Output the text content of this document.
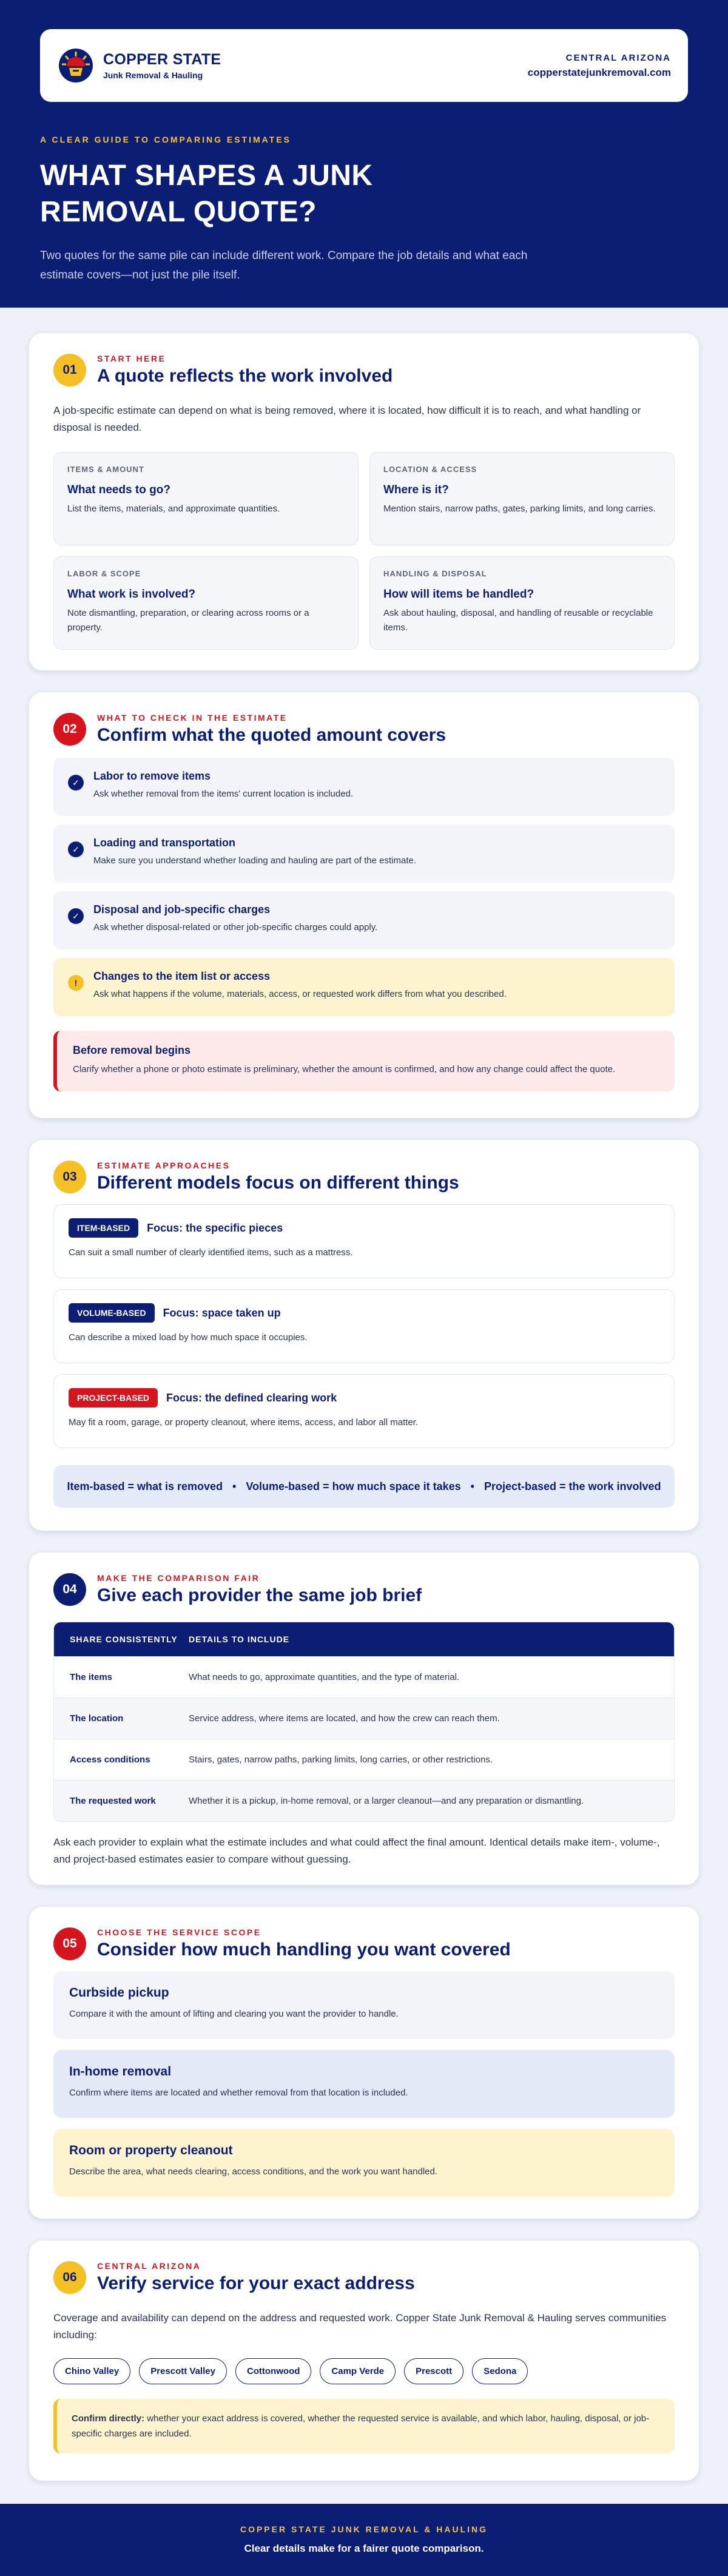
COPPER STATE
Junk Removal & Hauling
CENTRAL ARIZONA
copperstatejunkremoval.com
A CLEAR GUIDE TO COMPARING ESTIMATES
WHAT SHAPES A JUNK REMOVAL QUOTE?

Two quotes for the same pile can include different work. Compare the job details and what each estimate covers—not just the pile itself.

01
START HERE
A quote reflects the work involved
A job-specific estimate can depend on what is being removed, where it is located, how difficult it is to reach, and what handling or disposal is needed.
ITEMS & AMOUNT
What needs to go?
List the items, materials, and approximate quantities.
LOCATION & ACCESS
Where is it?
Mention stairs, narrow paths, gates, parking limits, and long carries.
LABOR & SCOPE
What work is involved?
Note dismantling, preparation, or clearing across rooms or a property.
HANDLING & DISPOSAL
How will items be handled?
Ask about hauling, disposal, and handling of reusable or recyclable items.
02
WHAT TO CHECK IN THE ESTIMATE
Confirm what the quoted amount covers
✓
Labor to remove items
Ask whether removal from the items' current location is included.
✓
Loading and transportation
Make sure you understand whether loading and hauling are part of the estimate.
✓
Disposal and job-specific charges
Ask whether disposal-related or other job-specific charges could apply.
!
Changes to the item list or access
Ask what happens if the volume, materials, access, or requested work differs from what you described.
Before removal begins
Clarify whether a phone or photo estimate is preliminary, whether the amount is confirmed, and how any change could affect the quote.
03
ESTIMATE APPROACHES
Different models focus on different things
ITEM-BASED	Focus: the specific pieces
Can suit a small number of clearly identified items, such as a mattress.
VOLUME-BASED	Focus: space taken up
Can describe a mixed load by how much space it occupies.
PROJECT-BASED	Focus: the defined clearing work
May fit a room, garage, or property cleanout, where items, access, and labor all matter.
Item-based = what is removed • Volume-based = how much space it takes • Project-based = the work involved
04
MAKE THE COMPARISON FAIR
Give each provider the same job brief
SHARE CONSISTENTLY	DETAILS TO INCLUDE
The items	What needs to go, approximate quantities, and the type of material.
The location	Service address, where items are located, and how the crew can reach them.
Access conditions	Stairs, gates, narrow paths, parking limits, long carries, or other restrictions.
The requested work	Whether it is a pickup, in-home removal, or a larger cleanout—and any preparation or dismantling.
Ask each provider to explain what the estimate includes and what could affect the final amount. Identical details make item-, volume-, and project-based estimates easier to compare without guessing.
05
CHOOSE THE SERVICE SCOPE
Consider how much handling you want covered
Curbside pickup
Compare it with the amount of lifting and clearing you want the provider to handle.
In-home removal
Confirm where items are located and whether removal from that location is included.
Room or property cleanout
Describe the area, what needs clearing, access conditions, and the work you want handled.
06
CENTRAL ARIZONA
Verify service for your exact address
Coverage and availability can depend on the address and requested work. Copper State Junk Removal & Hauling serves communities including:
Chino Valley	Prescott Valley	Cottonwood	Camp Verde	Prescott	Sedona
Confirm directly: whether your exact address is covered, whether the requested service is available, and which labor, hauling, disposal, or job-specific charges are included.
COPPER STATE JUNK REMOVAL & HAULING
Clear details make for a fairer quote comparison.
